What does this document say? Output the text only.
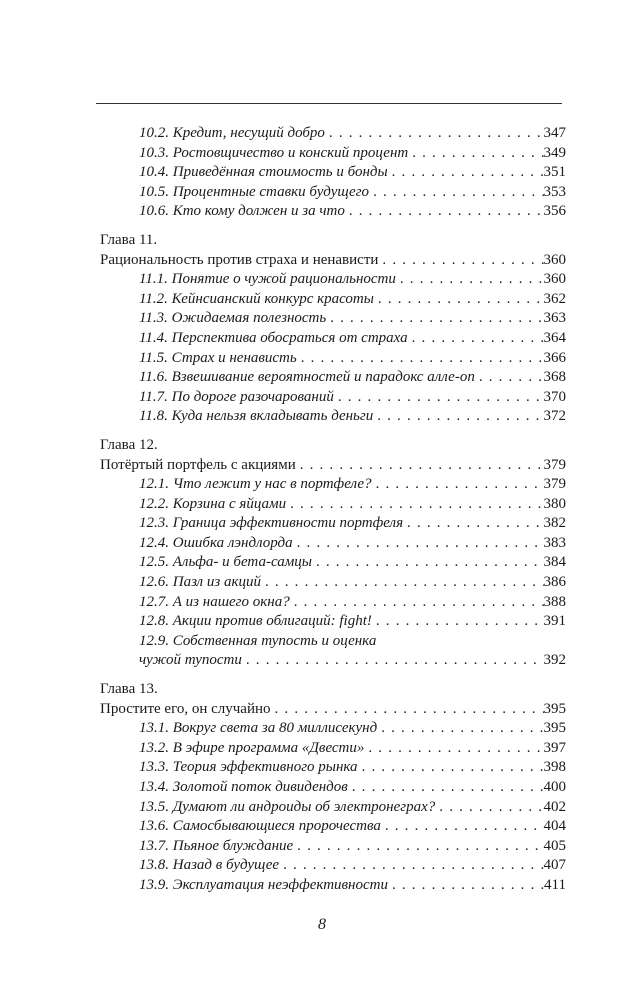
10.2. Кредит, несущий добро . . .	347
10.3. Ростовщичество и конский процент . . .	349
10.4. Приведённая стоимость и бонды . . .	351
10.5. Процентные ставки будущего . . .	353
10.6. Кто кому должен и за что . . .	356
Глава 11.
Рациональность против страха и ненависти . . .	360
11.1. Понятие о чужой рациональности . . .	360
11.2. Кейнсианский конкурс красоты . . .	362
11.3. Ожидаемая полезность . . .	363
11.4. Перспектива обосраться от страха . . .	364
11.5. Страх и ненависть . . .	366
11.6. Взвешивание вероятностей и парадокс алле-оп . . .	368
11.7. По дороге разочарований . . .	370
11.8. Куда нельзя вкладывать деньги . . .	372
Глава 12.
Потёртый портфель с акциями . . .	379
12.1. Что лежит у нас в портфеле? . . .	379
12.2. Корзина с яйцами . . .	380
12.3. Граница эффективности портфеля . . .	382
12.4. Ошибка лэндлорда . . .	383
12.5. Альфа- и бета-самцы . . .	384
12.6. Пазл из акций . . .	386
12.7. А из нашего окна? . . .	388
12.8. Акции против облигаций: fight! . . .	391
12.9. Собственная тупость и оценка
чужой тупости . . .	392
Глава 13.
Простите его, он случайно . . .	395
13.1. Вокруг света за 80 миллисекунд . . .	395
13.2. В эфире программа «Двести» . . .	397
13.3. Теория эффективного рынка . . .	398
13.4. Золотой поток дивидендов . . .	400
13.5. Думают ли андроиды об электронеграх? . . .	402
13.6. Самосбывающиеся пророчества . . .	404
13.7. Пьяное блуждание . . .	405
13.8. Назад в будущее . . .	407
13.9. Эксплуатация неэффективности . . .	411
8
